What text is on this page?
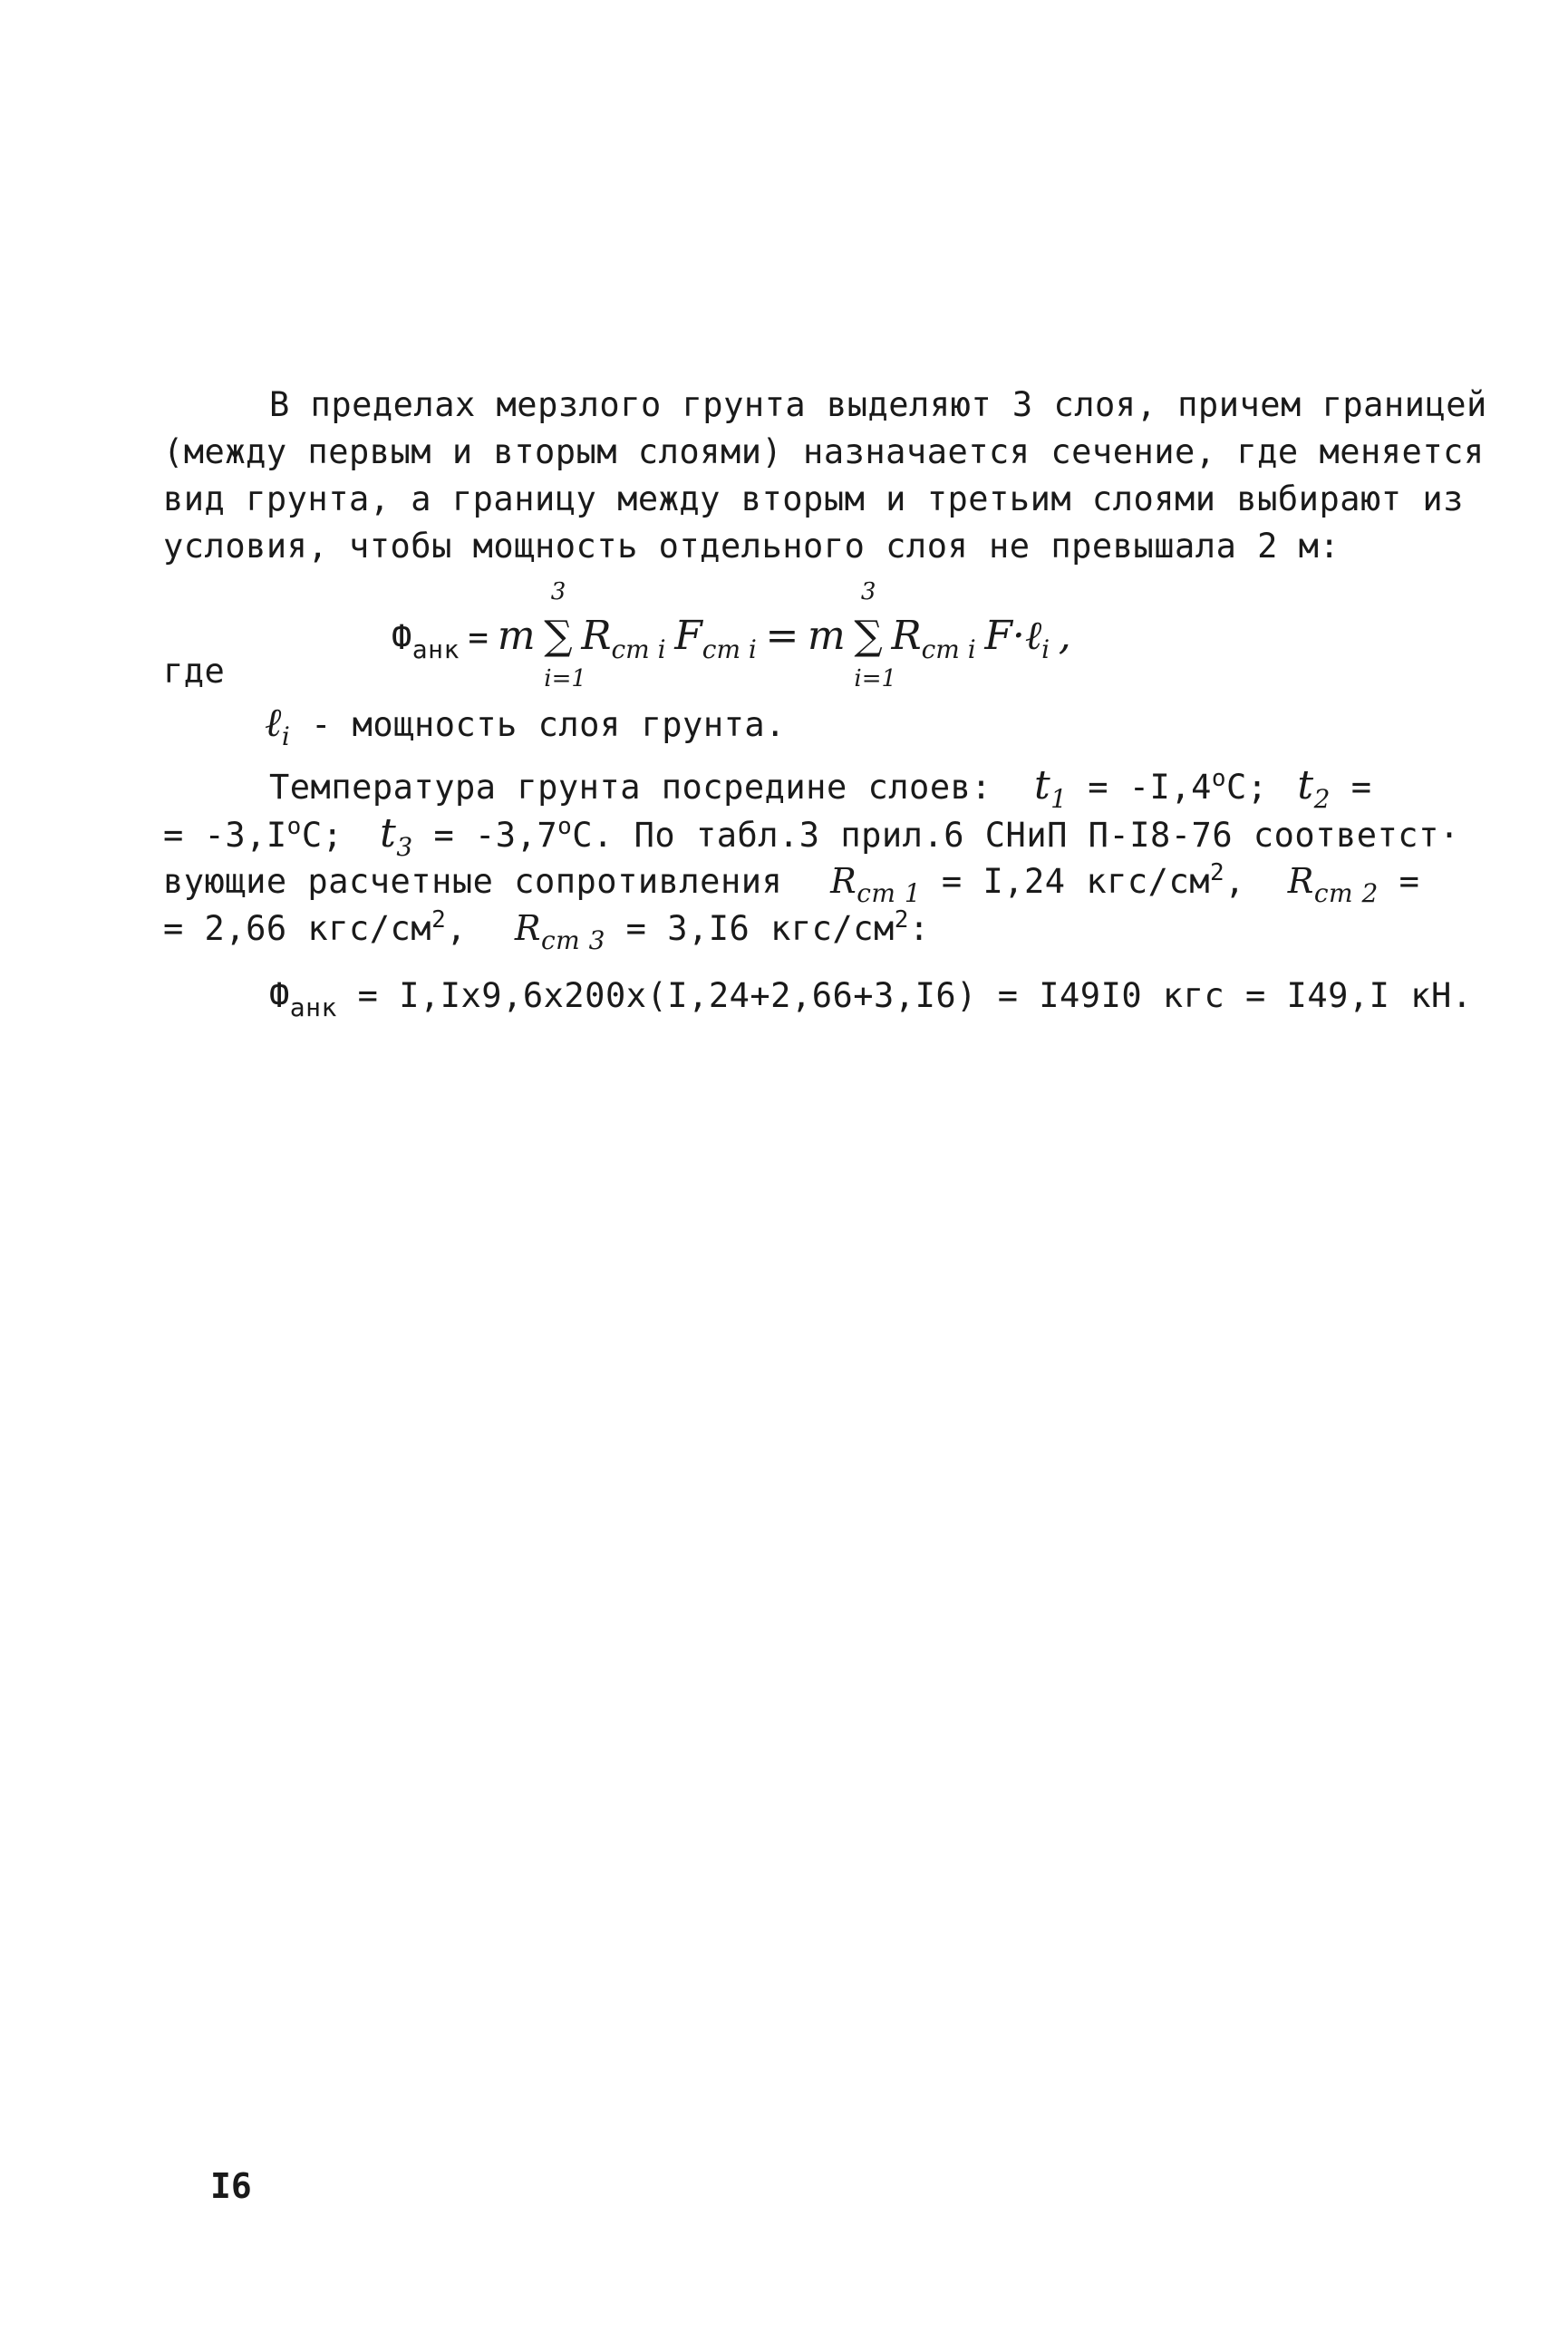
В пределах мерзлого грунта выделяют 3 слоя, причем границей
(между первым и вторым слоями) назначается сечение, где меняется
вид грунта, а границу между вторым и третьим слоями выбирают из
условия, чтобы мощность отдельного слоя не превышала 2 м:
$Ф_{анк} = m$ ∑
3
i=1
$R_{cm i}$ $F_{cm i} = m$ ∑
3
i=1
$R_{cm i}$ F·ℓ$_i$ ,
где
ℓ$_i$ - мощность слоя грунта.
Температура грунта посредине слоев: $t_1 = -I,4^oС$; $t_2$ =
= $-3,I^oС$; $t_3 = -3,7^oС$. По табл.3 прил.6 СНиП П-I8-76 соответст·
вующие расчетные сопротивления $R_{cm 1} = I,24$ кгс/$см^2$, $R_{cm 2}$ =
= 2,66 кгс/$см^2$, $R_{cm 3} = 3,I6$ кгс/$см^2$:
$Ф_{анк} = I,Ix9,6x200x(I,24+2,66+3,I6) = I49I0$ кгс = I49,I кН.
I6
